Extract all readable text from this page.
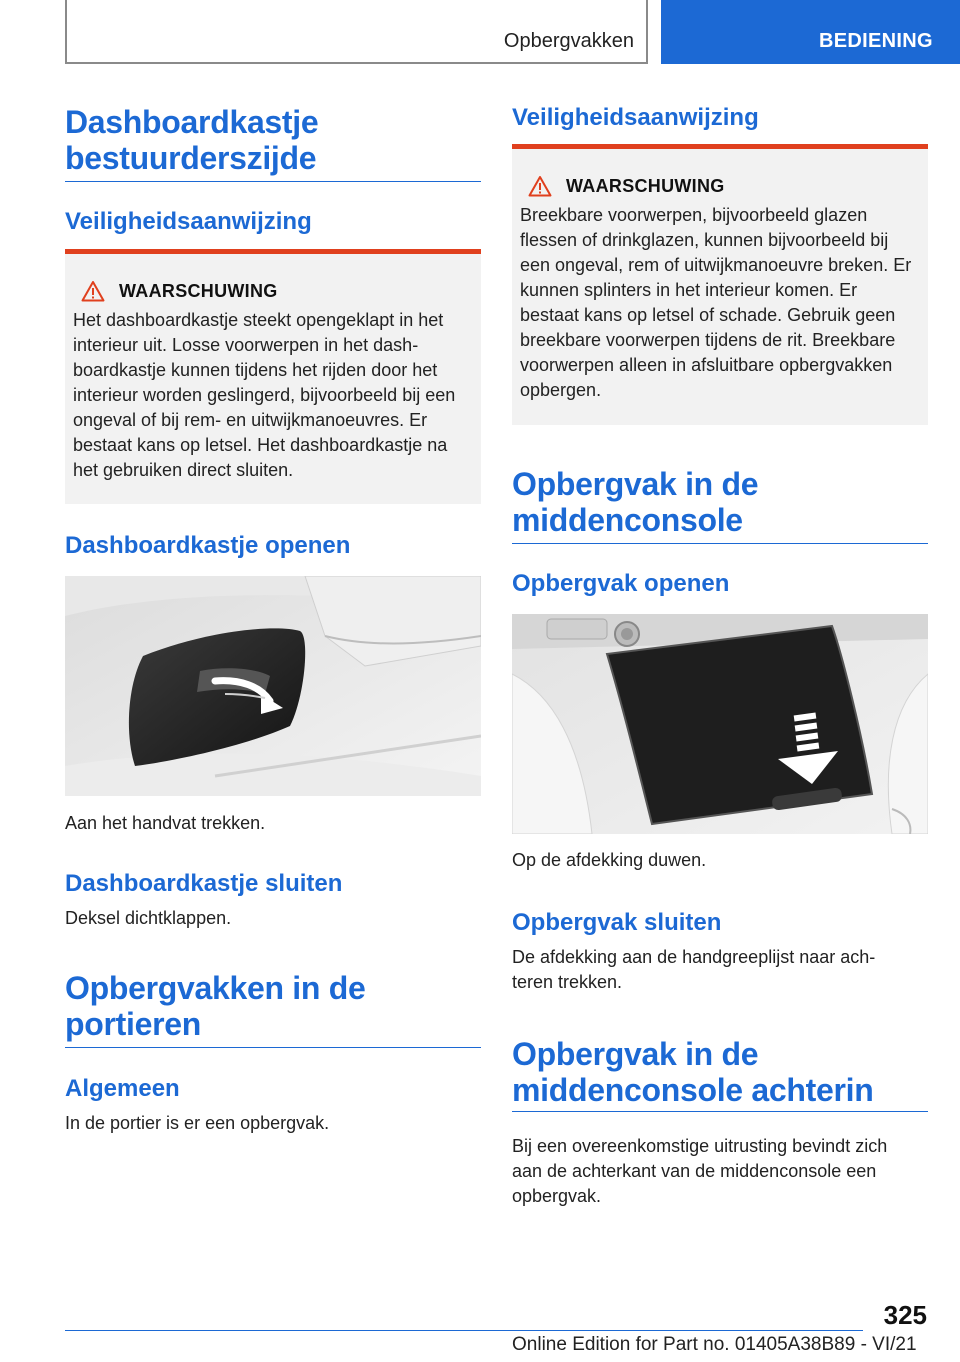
Opbergvakken	BEDIENING
Dashboardkastje bestuurderszijde
Veiligheidsaanwijzing
WAARSCHUWING
Het dashboardkastje steekt opengeklapt in het interieur uit. Losse voorwerpen in het dash‐ boardkastje kunnen tijdens het rijden door het interieur worden geslingerd, bijvoorbeeld bij een ongeval of bij rem- en uitwijkmanoeuvres. Er bestaat kans op letsel. Het dashboardkastje na het gebruiken direct sluiten.
Dashboardkastje openen

Aan het handvat trekken.

Dashboardkastje sluiten

Deksel dichtklappen.

Opbergvakken in de portieren
Algemeen

In de portier is er een opbergvak.

Veiligheidsaanwijzing
WAARSCHUWING
Breekbare voorwerpen, bijvoorbeeld glazen flessen of drinkglazen, kunnen bijvoorbeeld bij een ongeval, rem of uitwijkmanoeuvre breken. Er kunnen splinters in het interieur komen. Er bestaat kans op letsel of schade. Gebruik geen breekbare voorwerpen tijdens de rit. Breekbare voorwerpen alleen in afsluitbare opbergvakken opbergen.
Opbergvak in de middenconsole
Opbergvak openen

Op de afdekking duwen.

Opbergvak sluiten

De afdekking aan de handgreeplijst naar ach‐ teren trekken.

Opbergvak in de middenconsole achterin

Bij een overeenkomstige uitrusting bevindt zich aan de achterkant van de middenconsole een opbergvak.

325
Online Edition for Part no. 01405A38B89 - VI/21
